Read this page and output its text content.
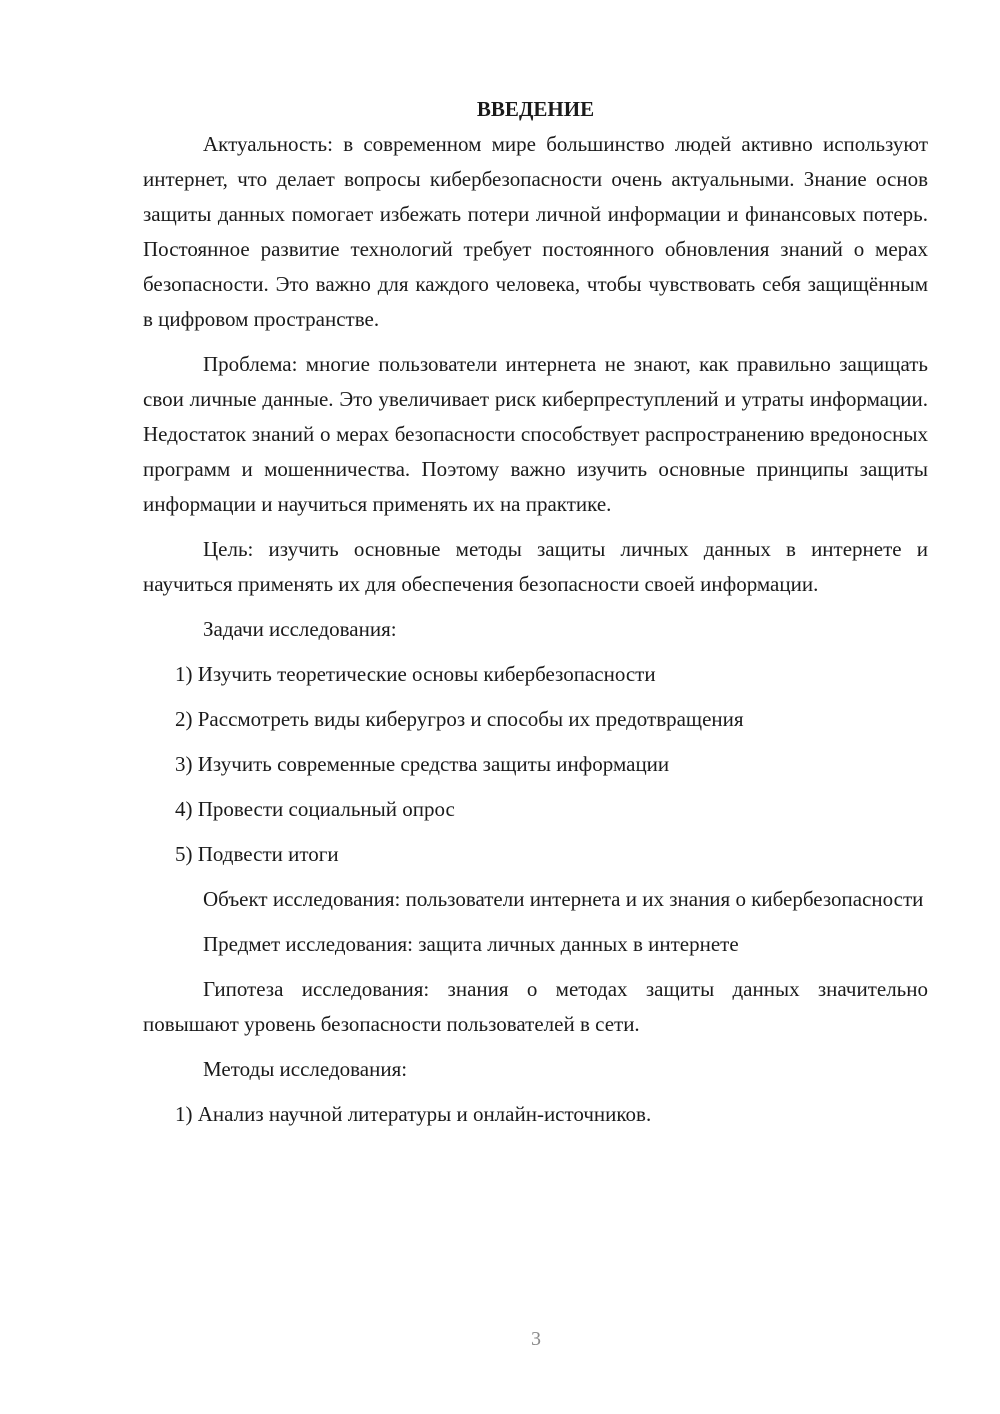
ВВЕДЕНИЕ

Актуальность: в современном мире большинство людей активно используют интернет, что делает вопросы кибербезопасности очень актуальными. Знание основ защиты данных помогает избежать потери личной информации и финансовых потерь. Постоянное развитие технологий требует постоянного обновления знаний о мерах безопасности. Это важно для каждого человека, чтобы чувствовать себя защищённым в цифровом пространстве.

Проблема: многие пользователи интернета не знают, как правильно защищать свои личные данные. Это увеличивает риск киберпреступлений и утраты информации. Недостаток знаний о мерах безопасности способствует распространению вредоносных программ и мошенничества. Поэтому важно изучить основные принципы защиты информации и научиться применять их на практике.

Цель: изучить основные методы защиты личных данных в интернете и научиться применять их для обеспечения безопасности своей информации.

Задачи исследования:

1) Изучить теоретические основы кибербезопасности

2) Рассмотреть виды киберугроз и способы их предотвращения

3) Изучить современные средства защиты информации

4) Провести социальный опрос

5) Подвести итоги

Объект исследования: пользователи интернета и их знания о кибербезопасности

Предмет исследования: защита личных данных в интернете

Гипотеза исследования: знания о методах защиты данных значительно повышают уровень безопасности пользователей в сети.

Методы исследования:

1) Анализ научной литературы и онлайн-источников.

3
